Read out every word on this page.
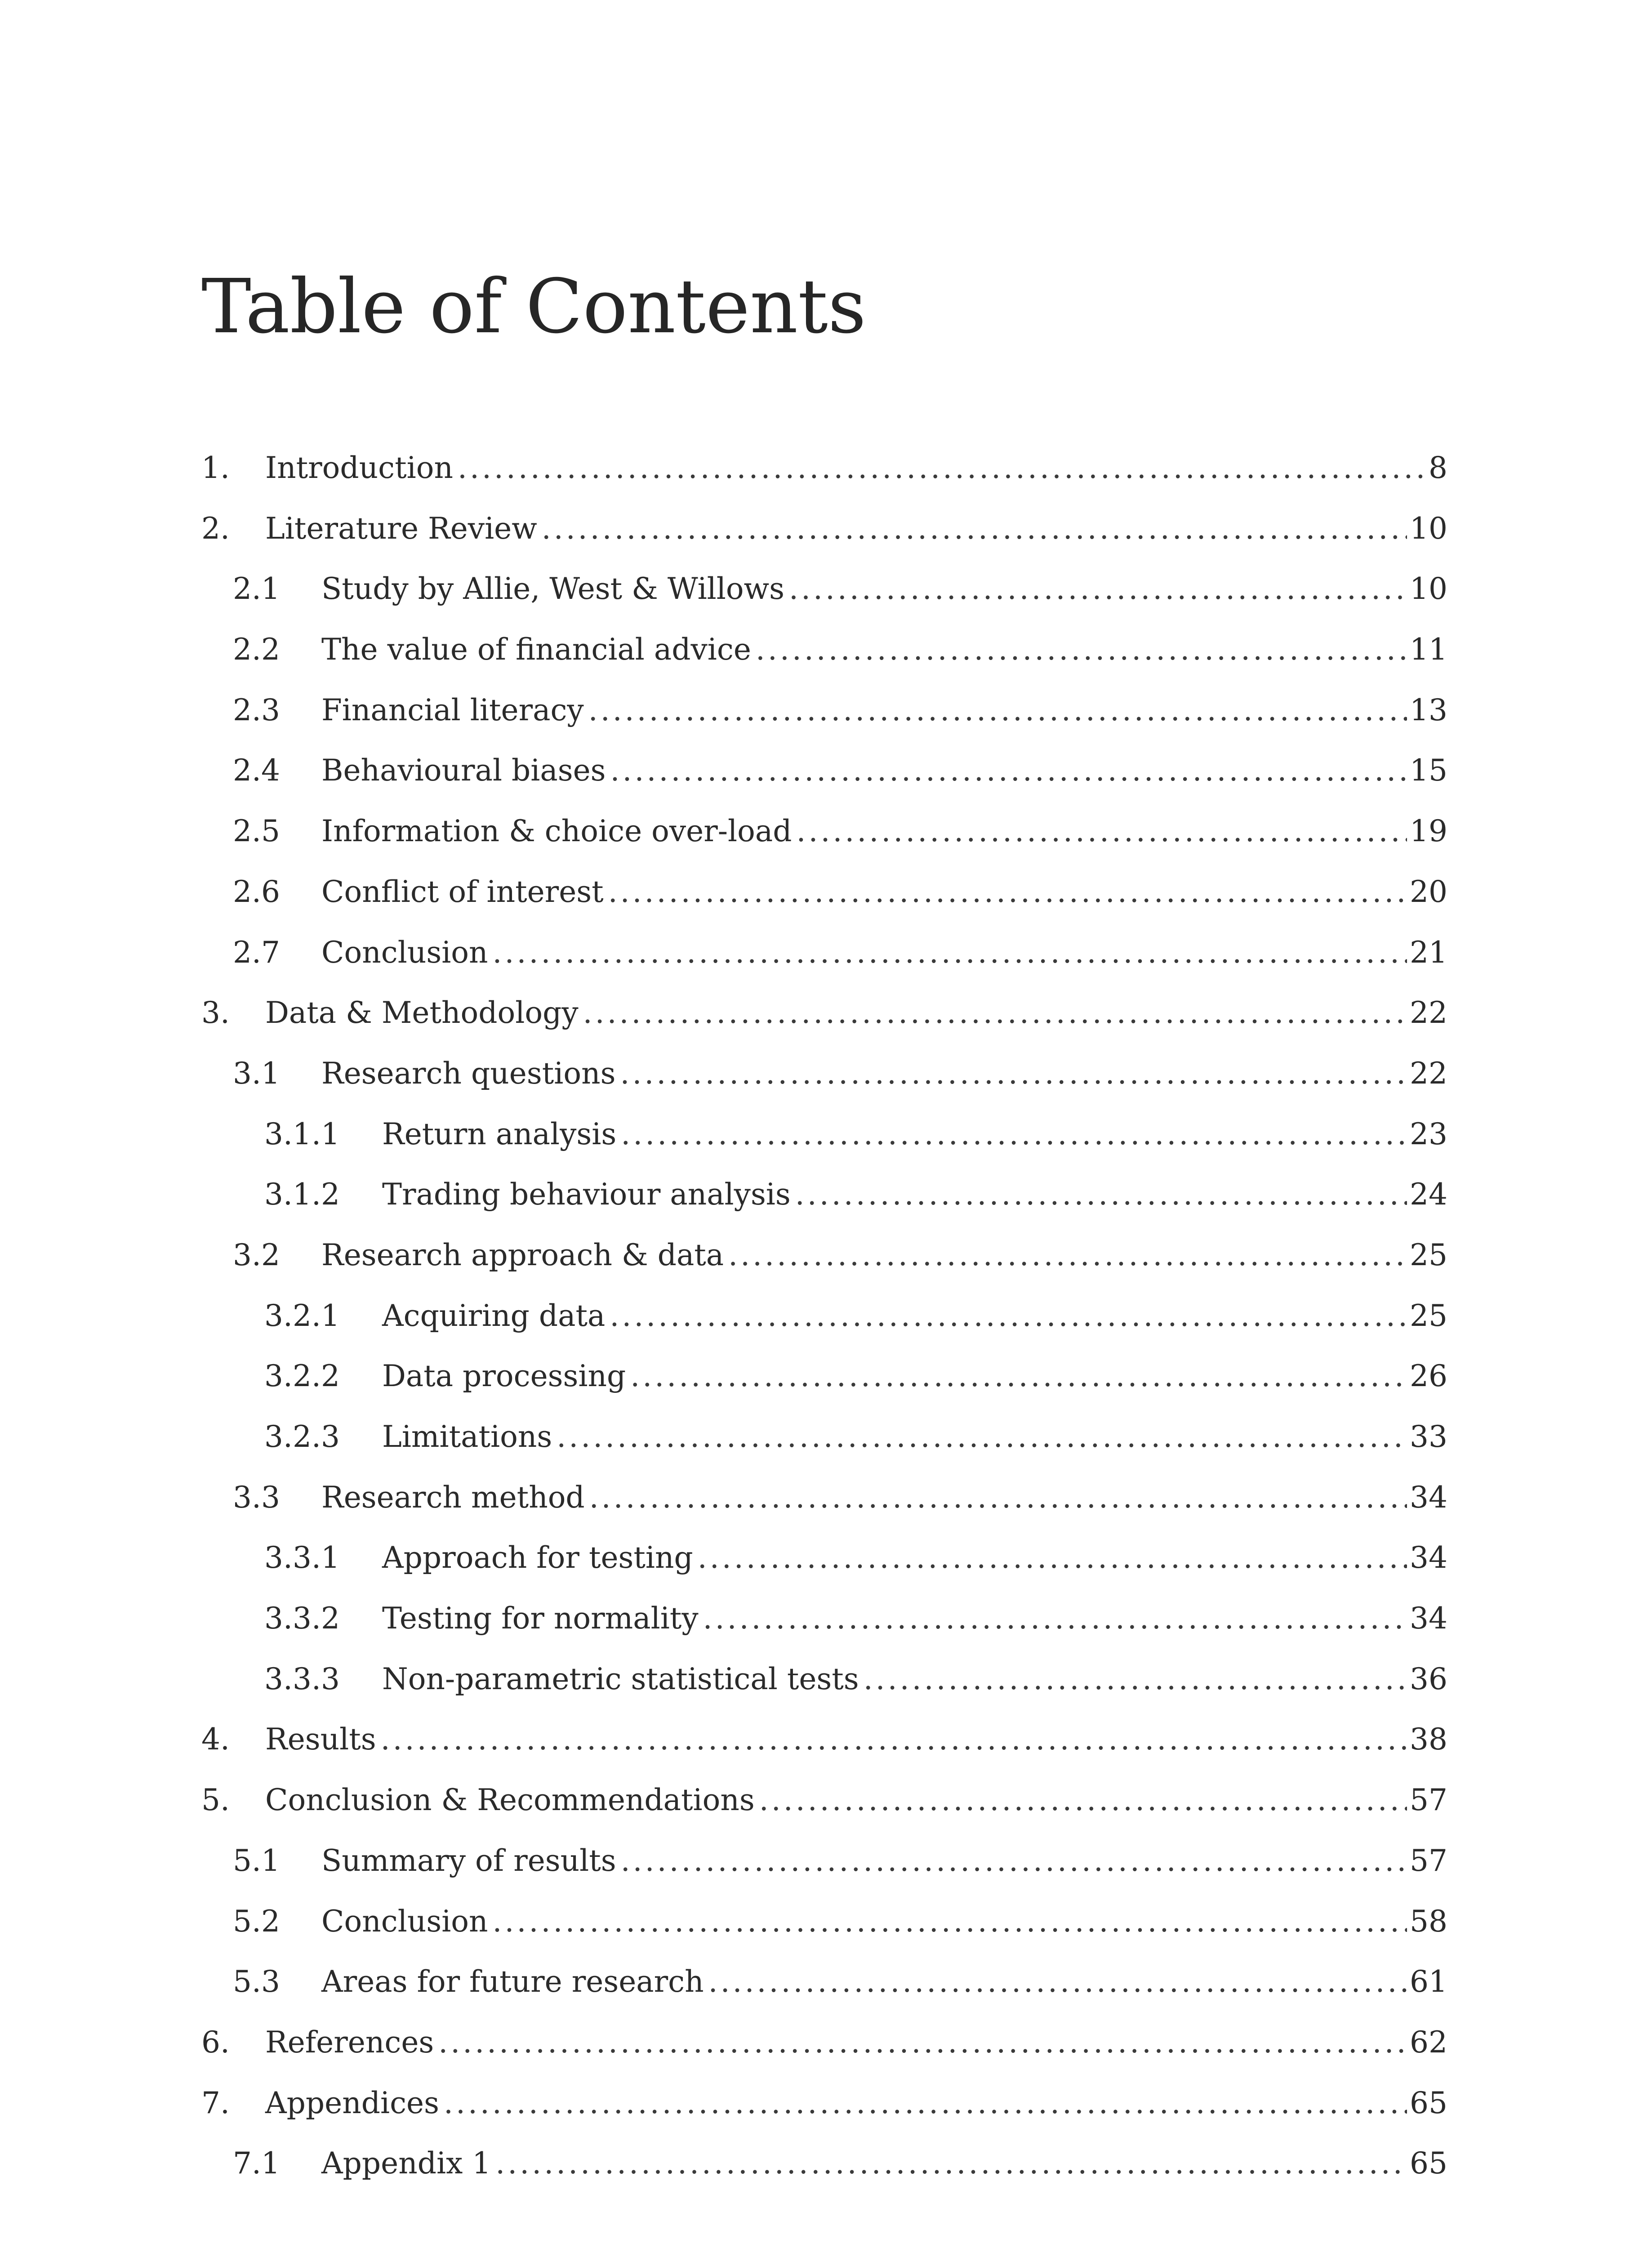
Table of Contents
1.	Introduction .....	8
2.	Literature Review .....	10
2.1	Study by Allie, West & Willows .....	10
2.2	The value of financial advice .....	11
2.3	Financial literacy .....	13
2.4	Behavioural biases .....	15
2.5	Information & choice over-load .....	19
2.6	Conflict of interest .....	20
2.7	Conclusion .....	21
3.	Data & Methodology .....	22
3.1	Research questions .....	22
3.1.1	Return analysis .....	23
3.1.2	Trading behaviour analysis .....	24
3.2	Research approach & data .....	25
3.2.1	Acquiring data .....	25
3.2.2	Data processing .....	26
3.2.3	Limitations .....	33
3.3	Research method .....	34
3.3.1	Approach for testing .....	34
3.3.2	Testing for normality .....	34
3.3.3	Non-parametric statistical tests .....	36
4.	Results .....	38
5.	Conclusion & Recommendations .....	57
5.1	Summary of results .....	57
5.2	Conclusion .....	58
5.3	Areas for future research .....	61
6.	References .....	62
7.	Appendices .....	65
7.1	Appendix 1 .....	65
